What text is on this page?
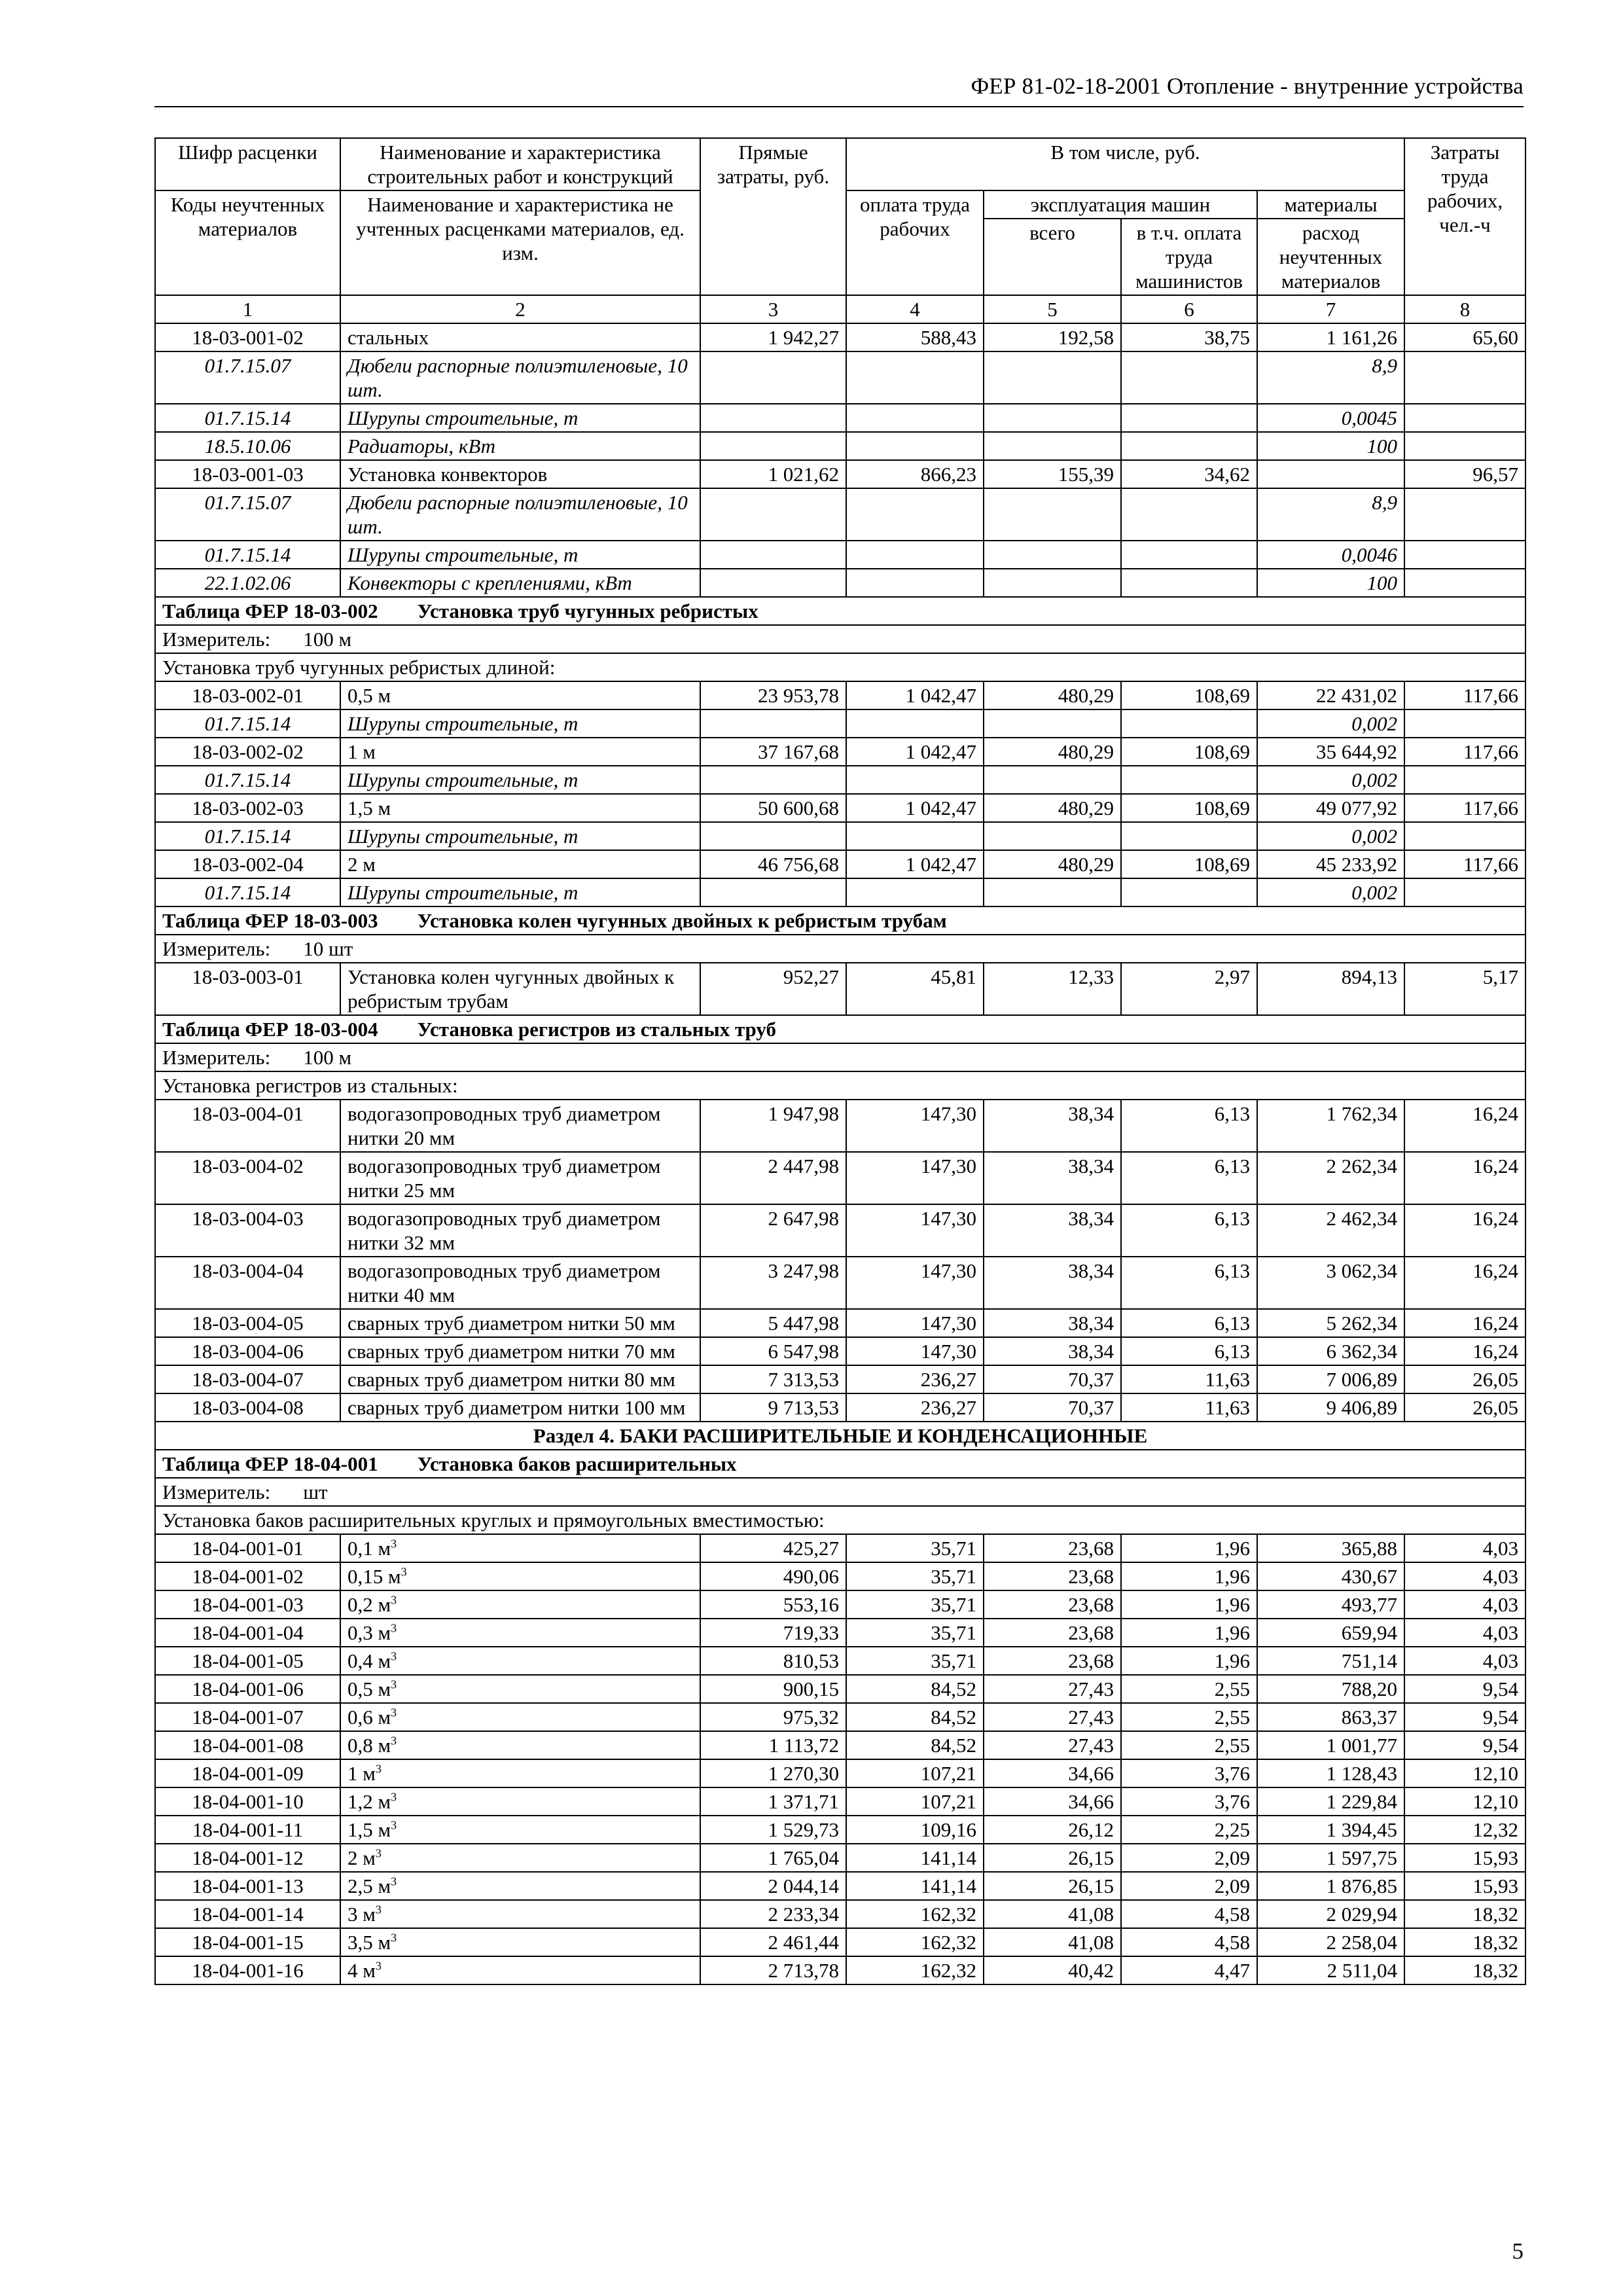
ФЕР 81-02-18-2001 Отопление - внутренние устройства
Шифр расценки	Наименование и характеристика строительных работ и конструкций	Прямые затраты, руб.	В том числе, руб.				Затраты труда рабочих, чел.-ч
Коды неучтенных материалов	Наименование и характеристика не учтенных расценками материалов, ед. изм.						
			оплата труда рабочих	эксплуатация машин		материалы	
				всего	в т.ч. оплата труда машинистов	расход неучтенных материалов	
1	2	3	4	5	6	7	8
18-03-001-02	стальных	1 942,27	588,43	192,58	38,75	1 161,26	65,60
01.7.15.07	Дюбели распорные полиэтиленовые, 10 шт.					8,9	
01.7.15.14	Шурупы строительные, т					0,0045	
18.5.10.06	Радиаторы, кВт					100	
18-03-001-03	Установка конвекторов	1 021,62	866,23	155,39	34,62		96,57
01.7.15.07	Дюбели распорные полиэтиленовые, 10 шт.					8,9	
01.7.15.14	Шурупы строительные, т					0,0046	
22.1.02.06	Конвекторы с креплениями, кВт					100	
Таблица ФЕР 18-03-002 Установка труб чугунных ребристых							
Измеритель: 100 м							
Установка труб чугунных ребристых длиной:							
18-03-002-01	0,5 м	23 953,78	1 042,47	480,29	108,69	22 431,02	117,66
01.7.15.14	Шурупы строительные, т					0,002	
18-03-002-02	1 м	37 167,68	1 042,47	480,29	108,69	35 644,92	117,66
01.7.15.14	Шурупы строительные, т					0,002	
18-03-002-03	1,5 м	50 600,68	1 042,47	480,29	108,69	49 077,92	117,66
01.7.15.14	Шурупы строительные, т					0,002	
18-03-002-04	2 м	46 756,68	1 042,47	480,29	108,69	45 233,92	117,66
01.7.15.14	Шурупы строительные, т					0,002	
Таблица ФЕР 18-03-003 Установка колен чугунных двойных к ребристым трубам							
Измеритель: 10 шт							
18-03-003-01	Установка колен чугунных двойных к ребристым трубам	952,27	45,81	12,33	2,97	894,13	5,17
Таблица ФЕР 18-03-004 Установка регистров из стальных труб							
Измеритель: 100 м							
Установка регистров из стальных:							
18-03-004-01	водогазопроводных труб диаметром нитки 20 мм	1 947,98	147,30	38,34	6,13	1 762,34	16,24
18-03-004-02	водогазопроводных труб диаметром нитки 25 мм	2 447,98	147,30	38,34	6,13	2 262,34	16,24
18-03-004-03	водогазопроводных труб диаметром нитки 32 мм	2 647,98	147,30	38,34	6,13	2 462,34	16,24
18-03-004-04	водогазопроводных труб диаметром нитки 40 мм	3 247,98	147,30	38,34	6,13	3 062,34	16,24
18-03-004-05	сварных труб диаметром нитки 50 мм	5 447,98	147,30	38,34	6,13	5 262,34	16,24
18-03-004-06	сварных труб диаметром нитки 70 мм	6 547,98	147,30	38,34	6,13	6 362,34	16,24
18-03-004-07	сварных труб диаметром нитки 80 мм	7 313,53	236,27	70,37	11,63	7 006,89	26,05
18-03-004-08	сварных труб диаметром нитки 100 мм	9 713,53	236,27	70,37	11,63	9 406,89	26,05
Раздел 4. БАКИ РАСШИРИТЕЛЬНЫЕ И КОНДЕНСАЦИОННЫЕ							
Таблица ФЕР 18-04-001 Установка баков расширительных							
Измеритель: шт							
Установка баков расширительных круглых и прямоугольных вместимостью:							
18-04-001-01	0,1 $м^3$	425,27	35,71	23,68	1,96	365,88	4,03
18-04-001-02	0,15 $м^3$	490,06	35,71	23,68	1,96	430,67	4,03
18-04-001-03	0,2 $м^3$	553,16	35,71	23,68	1,96	493,77	4,03
18-04-001-04	0,3 $м^3$	719,33	35,71	23,68	1,96	659,94	4,03
18-04-001-05	0,4 $м^3$	810,53	35,71	23,68	1,96	751,14	4,03
18-04-001-06	0,5 $м^3$	900,15	84,52	27,43	2,55	788,20	9,54
18-04-001-07	0,6 $м^3$	975,32	84,52	27,43	2,55	863,37	9,54
18-04-001-08	0,8 $м^3$	1 113,72	84,52	27,43	2,55	1 001,77	9,54
18-04-001-09	1 $м^3$	1 270,30	107,21	34,66	3,76	1 128,43	12,10
18-04-001-10	1,2 $м^3$	1 371,71	107,21	34,66	3,76	1 229,84	12,10
18-04-001-11	1,5 $м^3$	1 529,73	109,16	26,12	2,25	1 394,45	12,32
18-04-001-12	2 $м^3$	1 765,04	141,14	26,15	2,09	1 597,75	15,93
18-04-001-13	2,5 $м^3$	2 044,14	141,14	26,15	2,09	1 876,85	15,93
18-04-001-14	3 $м^3$	2 233,34	162,32	41,08	4,58	2 029,94	18,32
18-04-001-15	3,5 $м^3$	2 461,44	162,32	41,08	4,58	2 258,04	18,32
18-04-001-16	4 $м^3$	2 713,78	162,32	40,42	4,47	2 511,04	18,32
5
